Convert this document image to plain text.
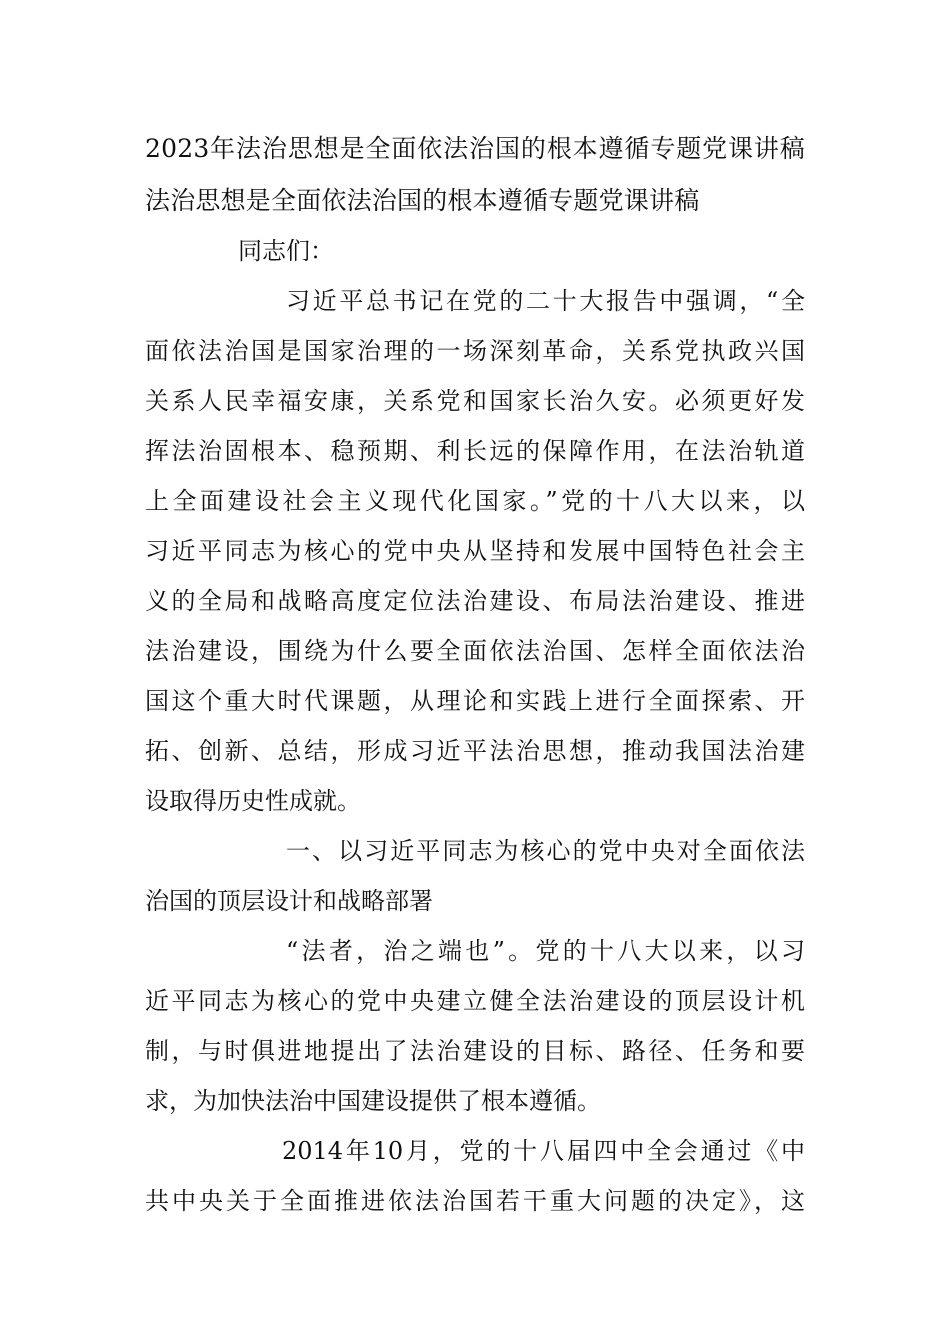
2023年法治思想是全面依法治国的根本遵循专题党课讲稿
法治思想是全面依法治国的根本遵循专题党课讲稿
同志们：
习近平总书记在党的二十大报告中强调，“全
面依法治国是国家治理的一场深刻革命，关系党执政兴国
关系人民幸福安康，关系党和国家长治久安。必须更好发
挥法治固根本、稳预期、利长远的保障作用，在法治轨道
上全面建设社会主义现代化国家。”党的十八大以来，以
习近平同志为核心的党中央从坚持和发展中国特色社会主
义的全局和战略高度定位法治建设、布局法治建设、推进
法治建设，围绕为什么要全面依法治国、怎样全面依法治
国这个重大时代课题，从理论和实践上进行全面探索、开
拓、创新、总结，形成习近平法治思想，推动我国法治建
设取得历史性成就。
一、以习近平同志为核心的党中央对全面依法
治国的顶层设计和战略部署
“法者，治之端也”。党的十八大以来，以习
近平同志为核心的党中央建立健全法治建设的顶层设计机
制，与时俱进地提出了法治建设的目标、路径、任务和要
求，为加快法治中国建设提供了根本遵循。
2014年10月，党的十八届四中全会通过《中
共中央关于全面推进依法治国若干重大问题的决定》，这
